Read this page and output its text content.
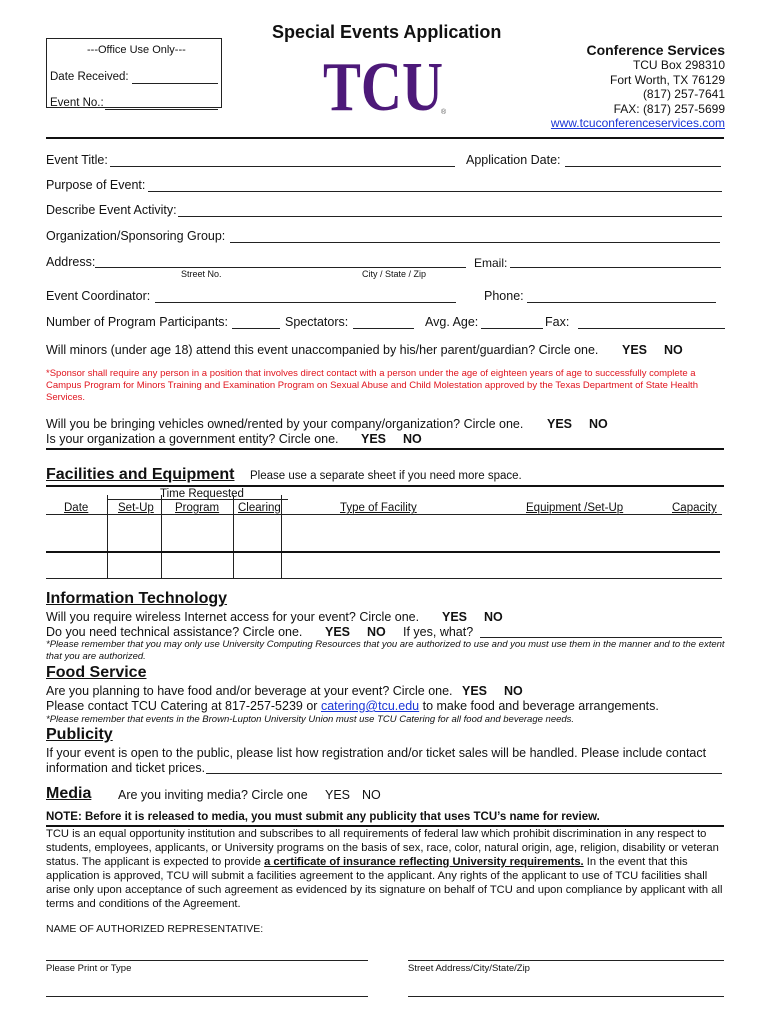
Special Events Application
---Office Use Only---
Date Received:
Event No.:	TCU
®
Conference Services
TCU Box 298310
Fort Worth, TX 76129
(817) 257-7641
FAX: (817) 257-5699
www.tcuconferenceservices.com
Event Title:	Application Date:
Purpose of Event:
Describe Event Activity:
Organization/Sponsoring Group:
Address:
Street No.	City / State / Zip
Email:
Event Coordinator:	Phone:
Number of Program Participants:	Spectators:	Avg. Age:	Fax:
Will minors (under age 18) attend this event unaccompanied by his/her parent/guardian? Circle one. YES NO
*Sponsor shall require any person in a position that involves direct contact with a person under the age of eighteen years of age to successfully complete a Campus Program for Minors Training and Examination Program on Sexual Abuse and Child Molestation approved by the Texas Department of State Health Services.
Will you be bringing vehicles owned/rented by your company/organization? Circle one. YES NO
Is your organization a government entity? Circle one. YES NO
Facilities and Equipment Please use a separate sheet if you need more space.
Time Requested
Date	Set-Up Program Clearing	Type of Facility	Equipment /Set-Up	Capacity
Information Technology
Will you require wireless Internet access for your event? Circle one. YES NO
Do you need technical assistance? Circle one. YES NO If yes, what?
*Please remember that you may only use University Computing Resources that you are authorized to use and you must use them in the manner and to the extent that you are authorized.
Food Service
Are you planning to have food and/or beverage at your event? Circle one. YES NO
Please contact TCU Catering at 817-257-5239 or catering@tcu.edu to make food and beverage arrangements.
*Please remember that events in the Brown-Lupton University Union must use TCU Catering for all food and beverage needs.
Publicity
If your event is open to the public, please list how registration and/or ticket sales will be handled. Please include contact
information and ticket prices.
Media Are you inviting media? Circle one YES NO
NOTE: Before it is released to media, you must submit any publicity that uses TCU’s name for review.
TCU is an equal opportunity institution and subscribes to all requirements of federal law which prohibit discrimination in any respect to students, employees, applicants, or University programs on the basis of sex, race, color, natural origin, age, religion, disability or veteran status. The applicant is expected to provide a certificate of insurance reflecting University requirements. In the event that this application is approved, TCU will submit a facilities agreement to the applicant. Any rights of the applicant to use of TCU facilities shall arise only upon acceptance of such agreement as evidenced by its signature on behalf of TCU and upon compliance by applicant with all terms and conditions of the Agreement.
NAME OF AUTHORIZED REPRESENTATIVE:
Please Print or Type	Street Address/City/State/Zip
